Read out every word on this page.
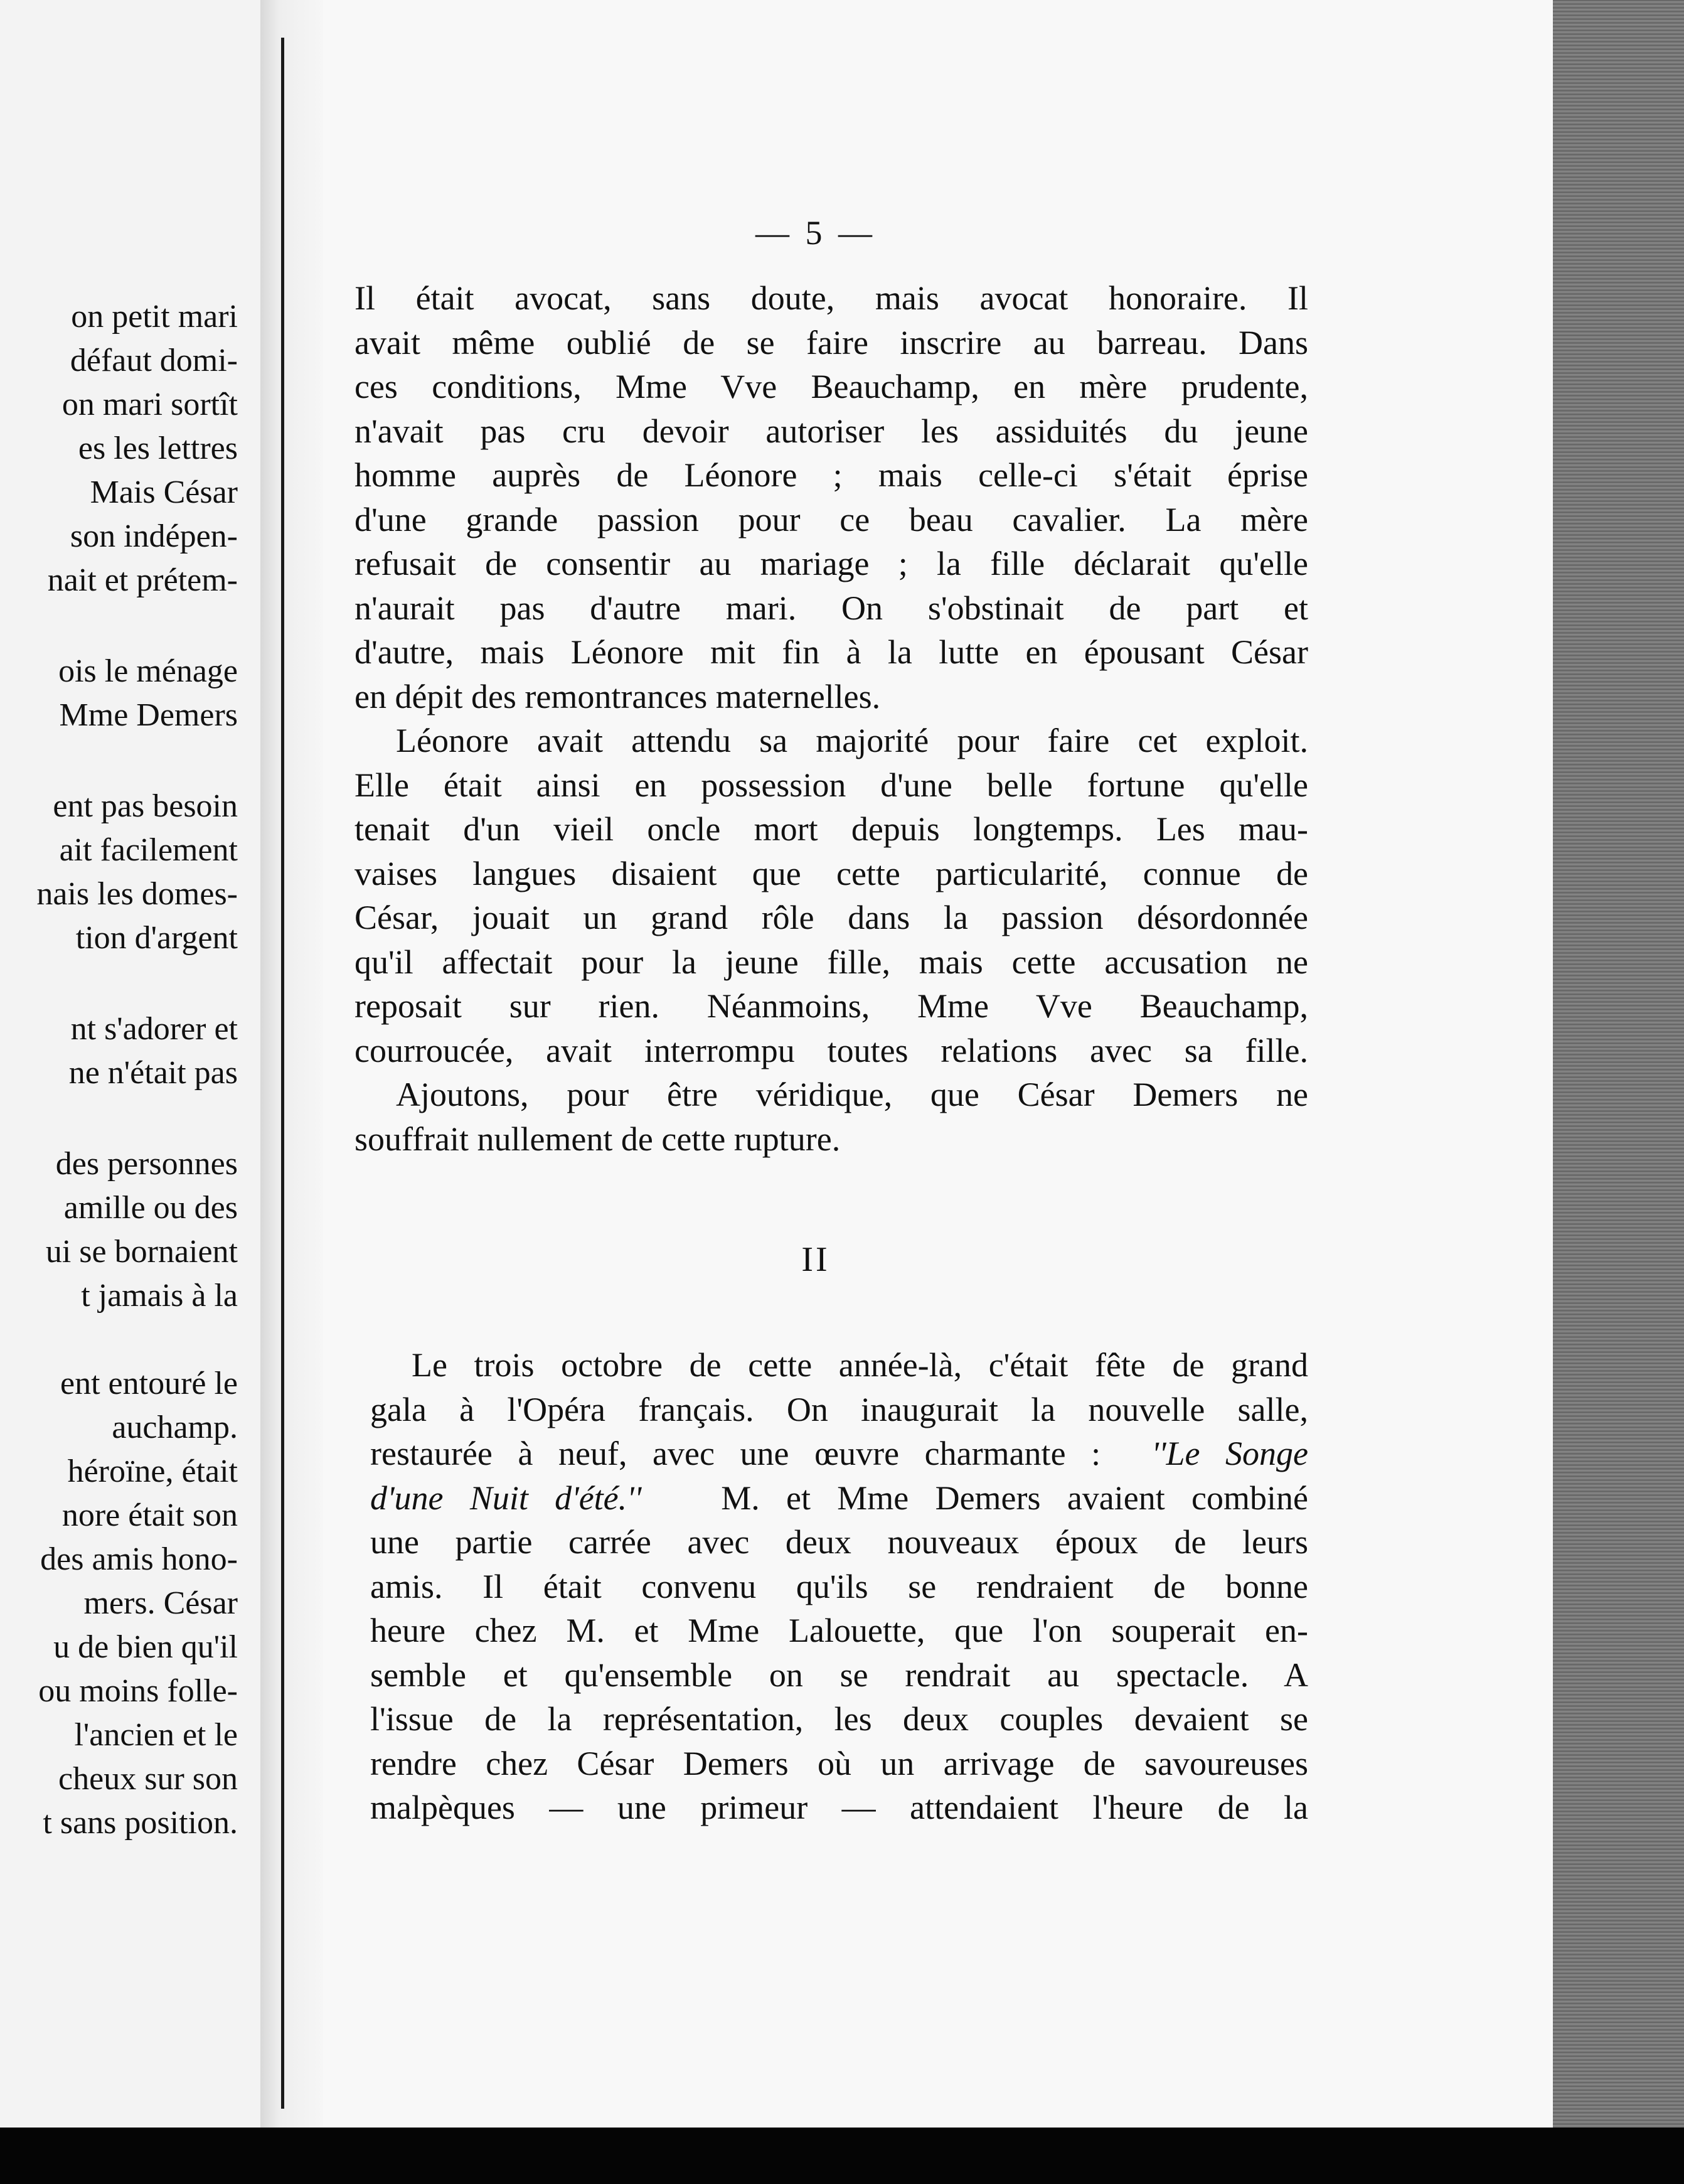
on petit mari
défaut domi-
on mari sortît
es les lettres
Mais César
son indépen-
nait et prétem-
ois le ménage
Mme Demers
ent pas besoin
ait facilement
nais les domes-
tion d'argent
nt s'adorer et
ne n'était pas
des personnes
amille ou des
ui se bornaient
t jamais à la
ent entouré le
auchamp.
héroïne, était
nore était son
des amis hono-
mers. César
u de bien qu'il
ou moins folle-
l'ancien et le
cheux sur son
t sans position.
— 5 —
Il était avocat, sans doute, mais avocat honoraire. Il
avait même oublié de se faire inscrire au barreau. Dans
ces conditions, Mme Vve Beauchamp, en mère prudente,
n'avait pas cru devoir autoriser les assiduités du jeune
homme auprès de Léonore ; mais celle-ci s'était éprise
d'une grande passion pour ce beau cavalier. La mère
refusait de consentir au mariage ; la fille déclarait qu'elle
n'aurait pas d'autre mari. On s'obstinait de part et
d'autre, mais Léonore mit fin à la lutte en épousant César
en dépit des remontrances maternelles.
Léonore avait attendu sa majorité pour faire cet exploit.
Elle était ainsi en possession d'une belle fortune qu'elle
tenait d'un vieil oncle mort depuis longtemps. Les mau-
vaises langues disaient que cette particularité, connue de
César, jouait un grand rôle dans la passion désordonnée
qu'il affectait pour la jeune fille, mais cette accusation ne
reposait sur rien. Néanmoins, Mme Vve Beauchamp,
courroucée, avait interrompu toutes relations avec sa fille.
Ajoutons, pour être véridique, que César Demers ne
souffrait nullement de cette rupture.
II
Le trois octobre de cette année-là, c'était fête de grand
gala à l'Opéra français. On inaugurait la nouvelle salle,
restaurée à neuf, avec une œuvre charmante : ''Le Songe
d'une Nuit d'été.'' M. et Mme Demers avaient combiné
une partie carrée avec deux nouveaux époux de leurs
amis. Il était convenu qu'ils se rendraient de bonne
heure chez M. et Mme Lalouette, que l'on souperait en-
semble et qu'ensemble on se rendrait au spectacle. A
l'issue de la représentation, les deux couples devaient se
rendre chez César Demers où un arrivage de savoureuses
malpèques — une primeur — attendaient l'heure de la
